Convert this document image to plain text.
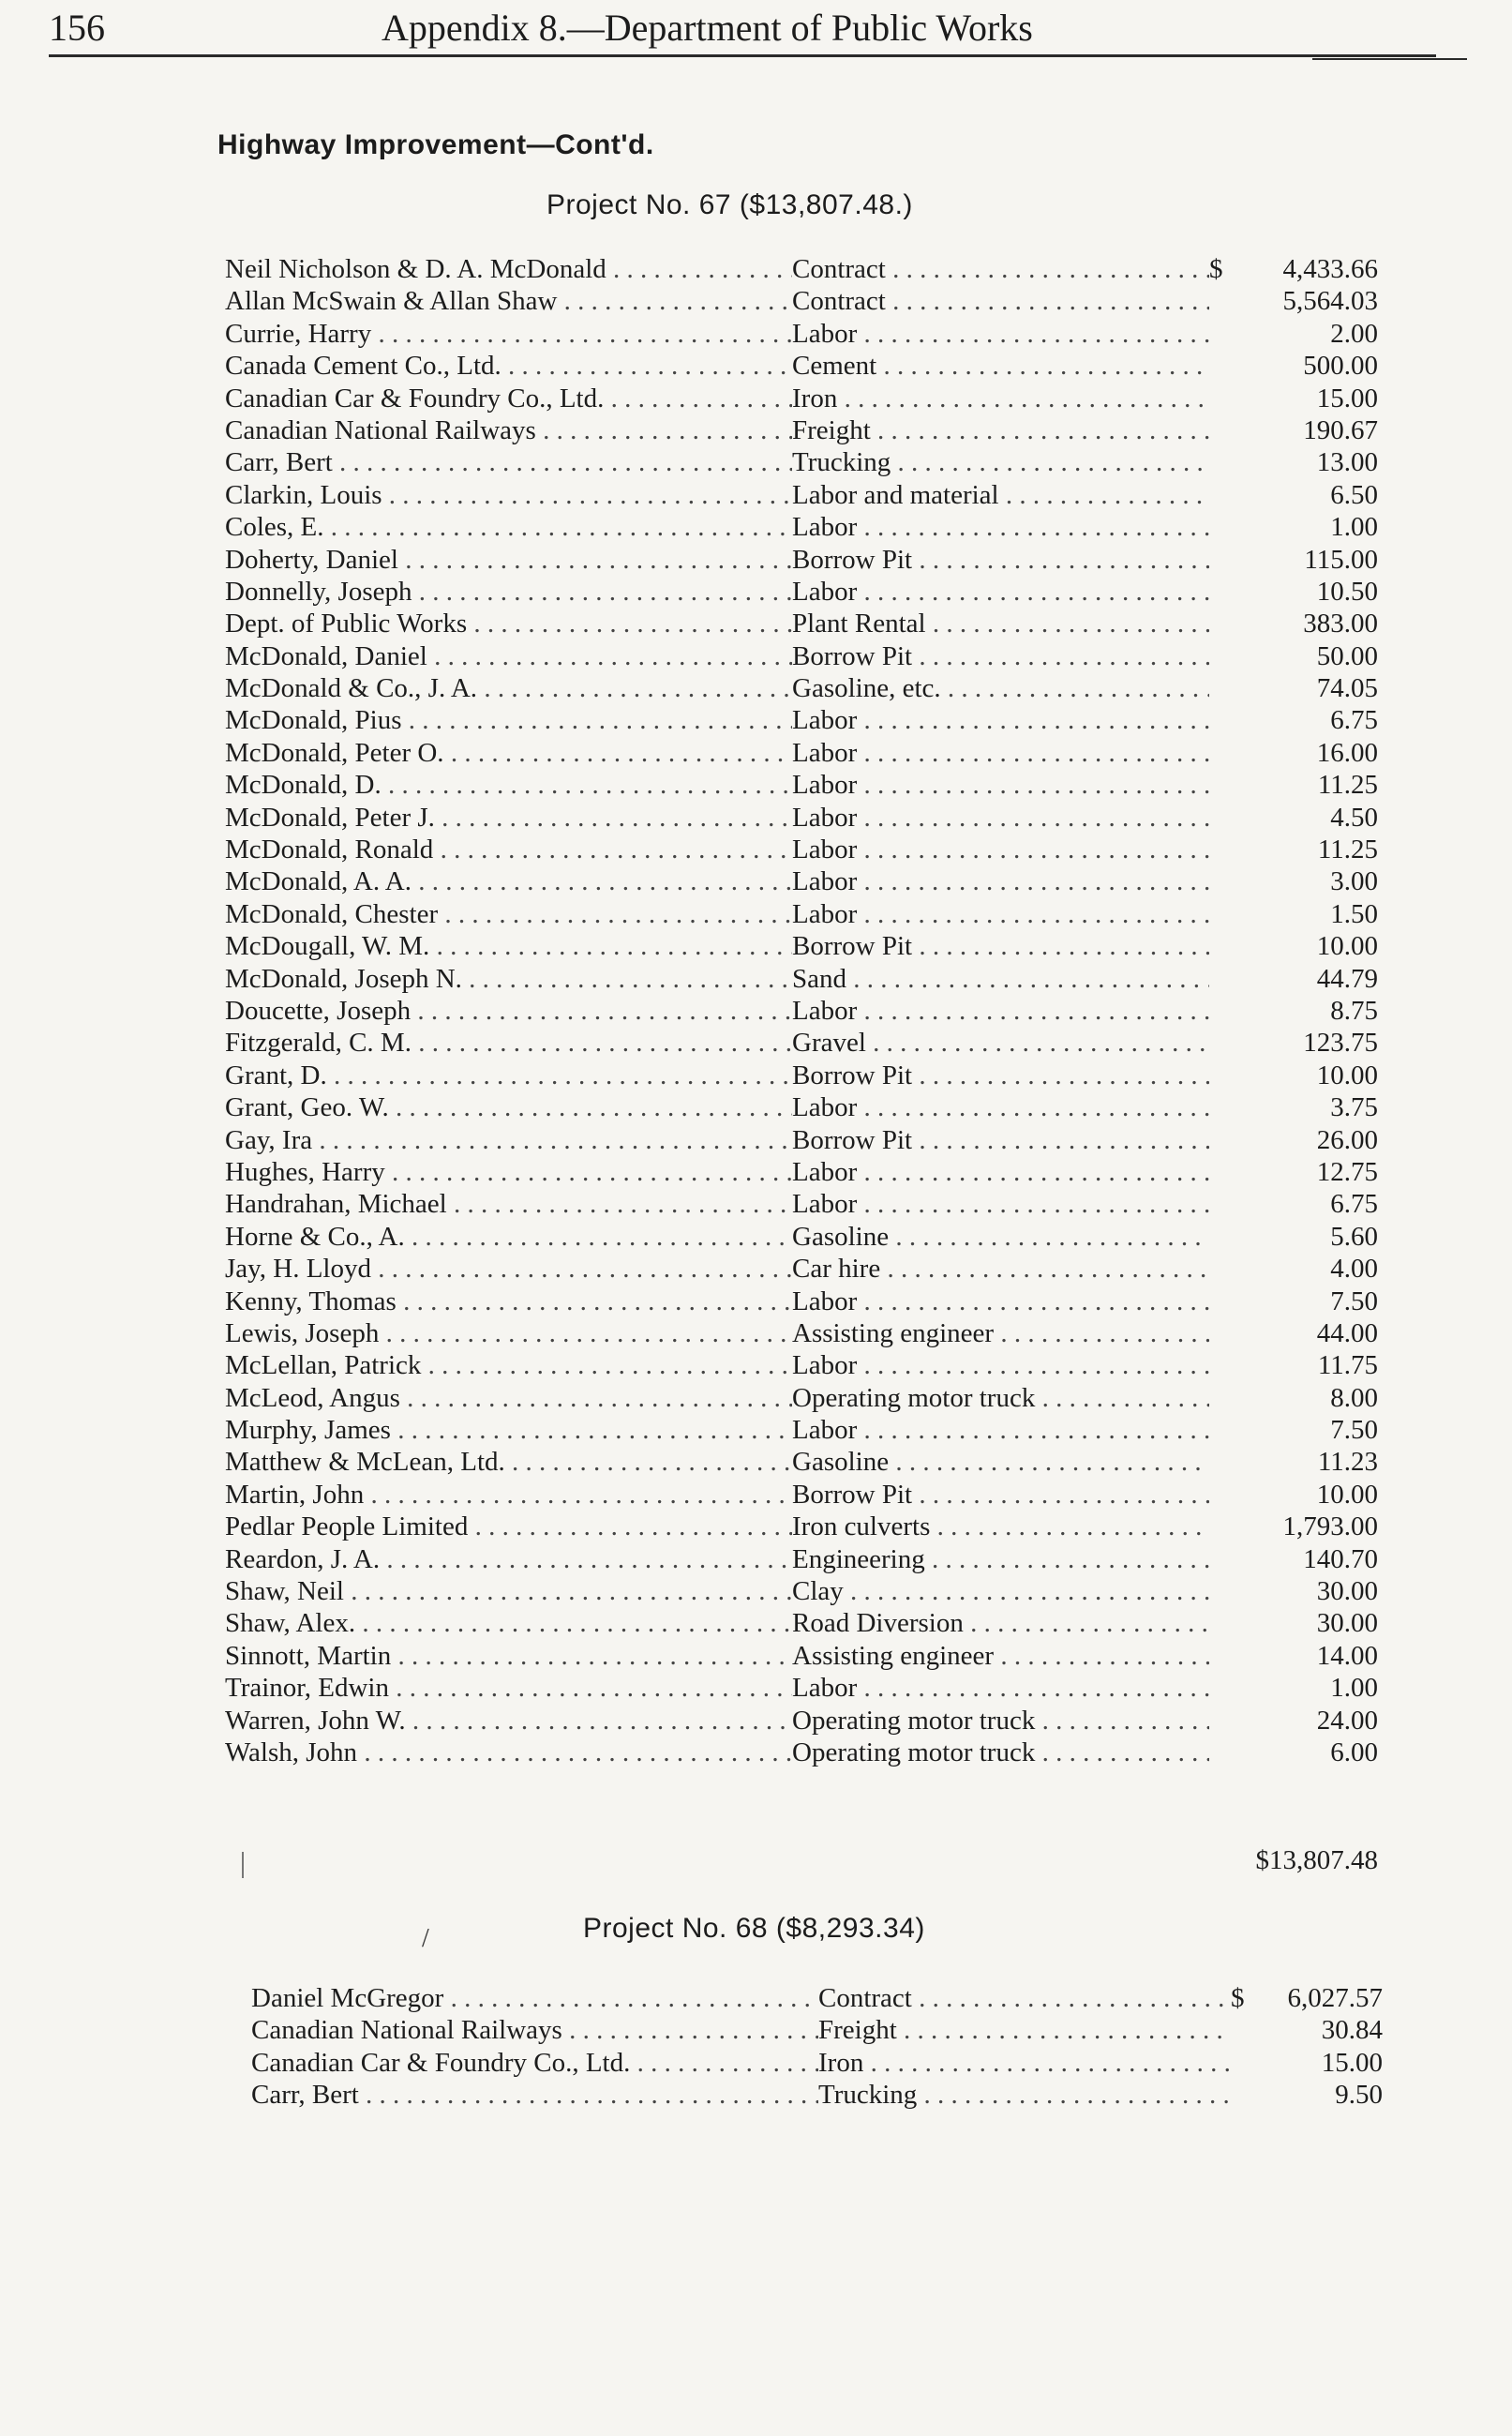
156	Appendix 8.—Department of Public Works
Highway Improvement—Cont'd.
Project No. 67 ($13,807.48.)
Neil Nicholson & D. A. McDonald . . .	Contract . . .	$ 4,433.66
Allan McSwain & Allan Shaw . . .	Contract . . .	5,564.03
Currie, Harry . . .	Labor . . .	2.00
Canada Cement Co., Ltd. . . .	Cement . . .	500.00
Canadian Car & Foundry Co., Ltd. . . .	Iron . . .	15.00
Canadian National Railways . . .	Freight . . .	190.67
Carr, Bert . . .	Trucking . . .	13.00
Clarkin, Louis . . .	Labor and material . . .	6.50
Coles, E. . . .	Labor . . .	1.00
Doherty, Daniel . . .	Borrow Pit . . .	115.00
Donnelly, Joseph . . .	Labor . . .	10.50
Dept. of Public Works . . .	Plant Rental . . .	383.00
McDonald, Daniel . . .	Borrow Pit . . .	50.00
McDonald & Co., J. A. . . .	Gasoline, etc. . . .	74.05
McDonald, Pius . . .	Labor . . .	6.75
McDonald, Peter O. . . .	Labor . . .	16.00
McDonald, D. . . .	Labor . . .	11.25
McDonald, Peter J. . . .	Labor . . .	4.50
McDonald, Ronald . . .	Labor . . .	11.25
McDonald, A. A. . . .	Labor . . .	3.00
McDonald, Chester . . .	Labor . . .	1.50
McDougall, W. M. . . .	Borrow Pit . . .	10.00
McDonald, Joseph N. . . .	Sand . . .	44.79
Doucette, Joseph . . .	Labor . . .	8.75
Fitzgerald, C. M. . . .	Gravel . . .	123.75
Grant, D. . . .	Borrow Pit . . .	10.00
Grant, Geo. W. . . .	Labor . . .	3.75
Gay, Ira . . .	Borrow Pit . . .	26.00
Hughes, Harry . . .	Labor . . .	12.75
Handrahan, Michael . . .	Labor . . .	6.75
Horne & Co., A. . . .	Gasoline . . .	5.60
Jay, H. Lloyd . . .	Car hire . . .	4.00
Kenny, Thomas . . .	Labor . . .	7.50
Lewis, Joseph . . .	Assisting engineer . . .	44.00
McLellan, Patrick . . .	Labor . . .	11.75
McLeod, Angus . . .	Operating motor truck . . .	8.00
Murphy, James . . .	Labor . . .	7.50
Matthew & McLean, Ltd. . . .	Gasoline . . .	11.23
Martin, John . . .	Borrow Pit . . .	10.00
Pedlar People Limited . . .	Iron culverts . . .	1,793.00
Reardon, J. A. . . .	Engineering . . .	140.70
Shaw, Neil . . .	Clay . . .	30.00
Shaw, Alex. . . .	Road Diversion . . .	30.00
Sinnott, Martin . . .	Assisting engineer . . .	14.00
Trainor, Edwin . . .	Labor . . .	1.00
Warren, John W. . . .	Operating motor truck . . .	24.00
Walsh, John . . .	Operating motor truck . . .	6.00
$13,807.48
/	Project No. 68 ($8,293.34)
Daniel McGregor . . .	Contract . . .	$ 6,027.57
Canadian National Railways . . .	Freight . . .	30.84
Canadian Car & Foundry Co., Ltd. . . .	Iron . . .	15.00
Carr, Bert . . .	Trucking . . .	9.50
